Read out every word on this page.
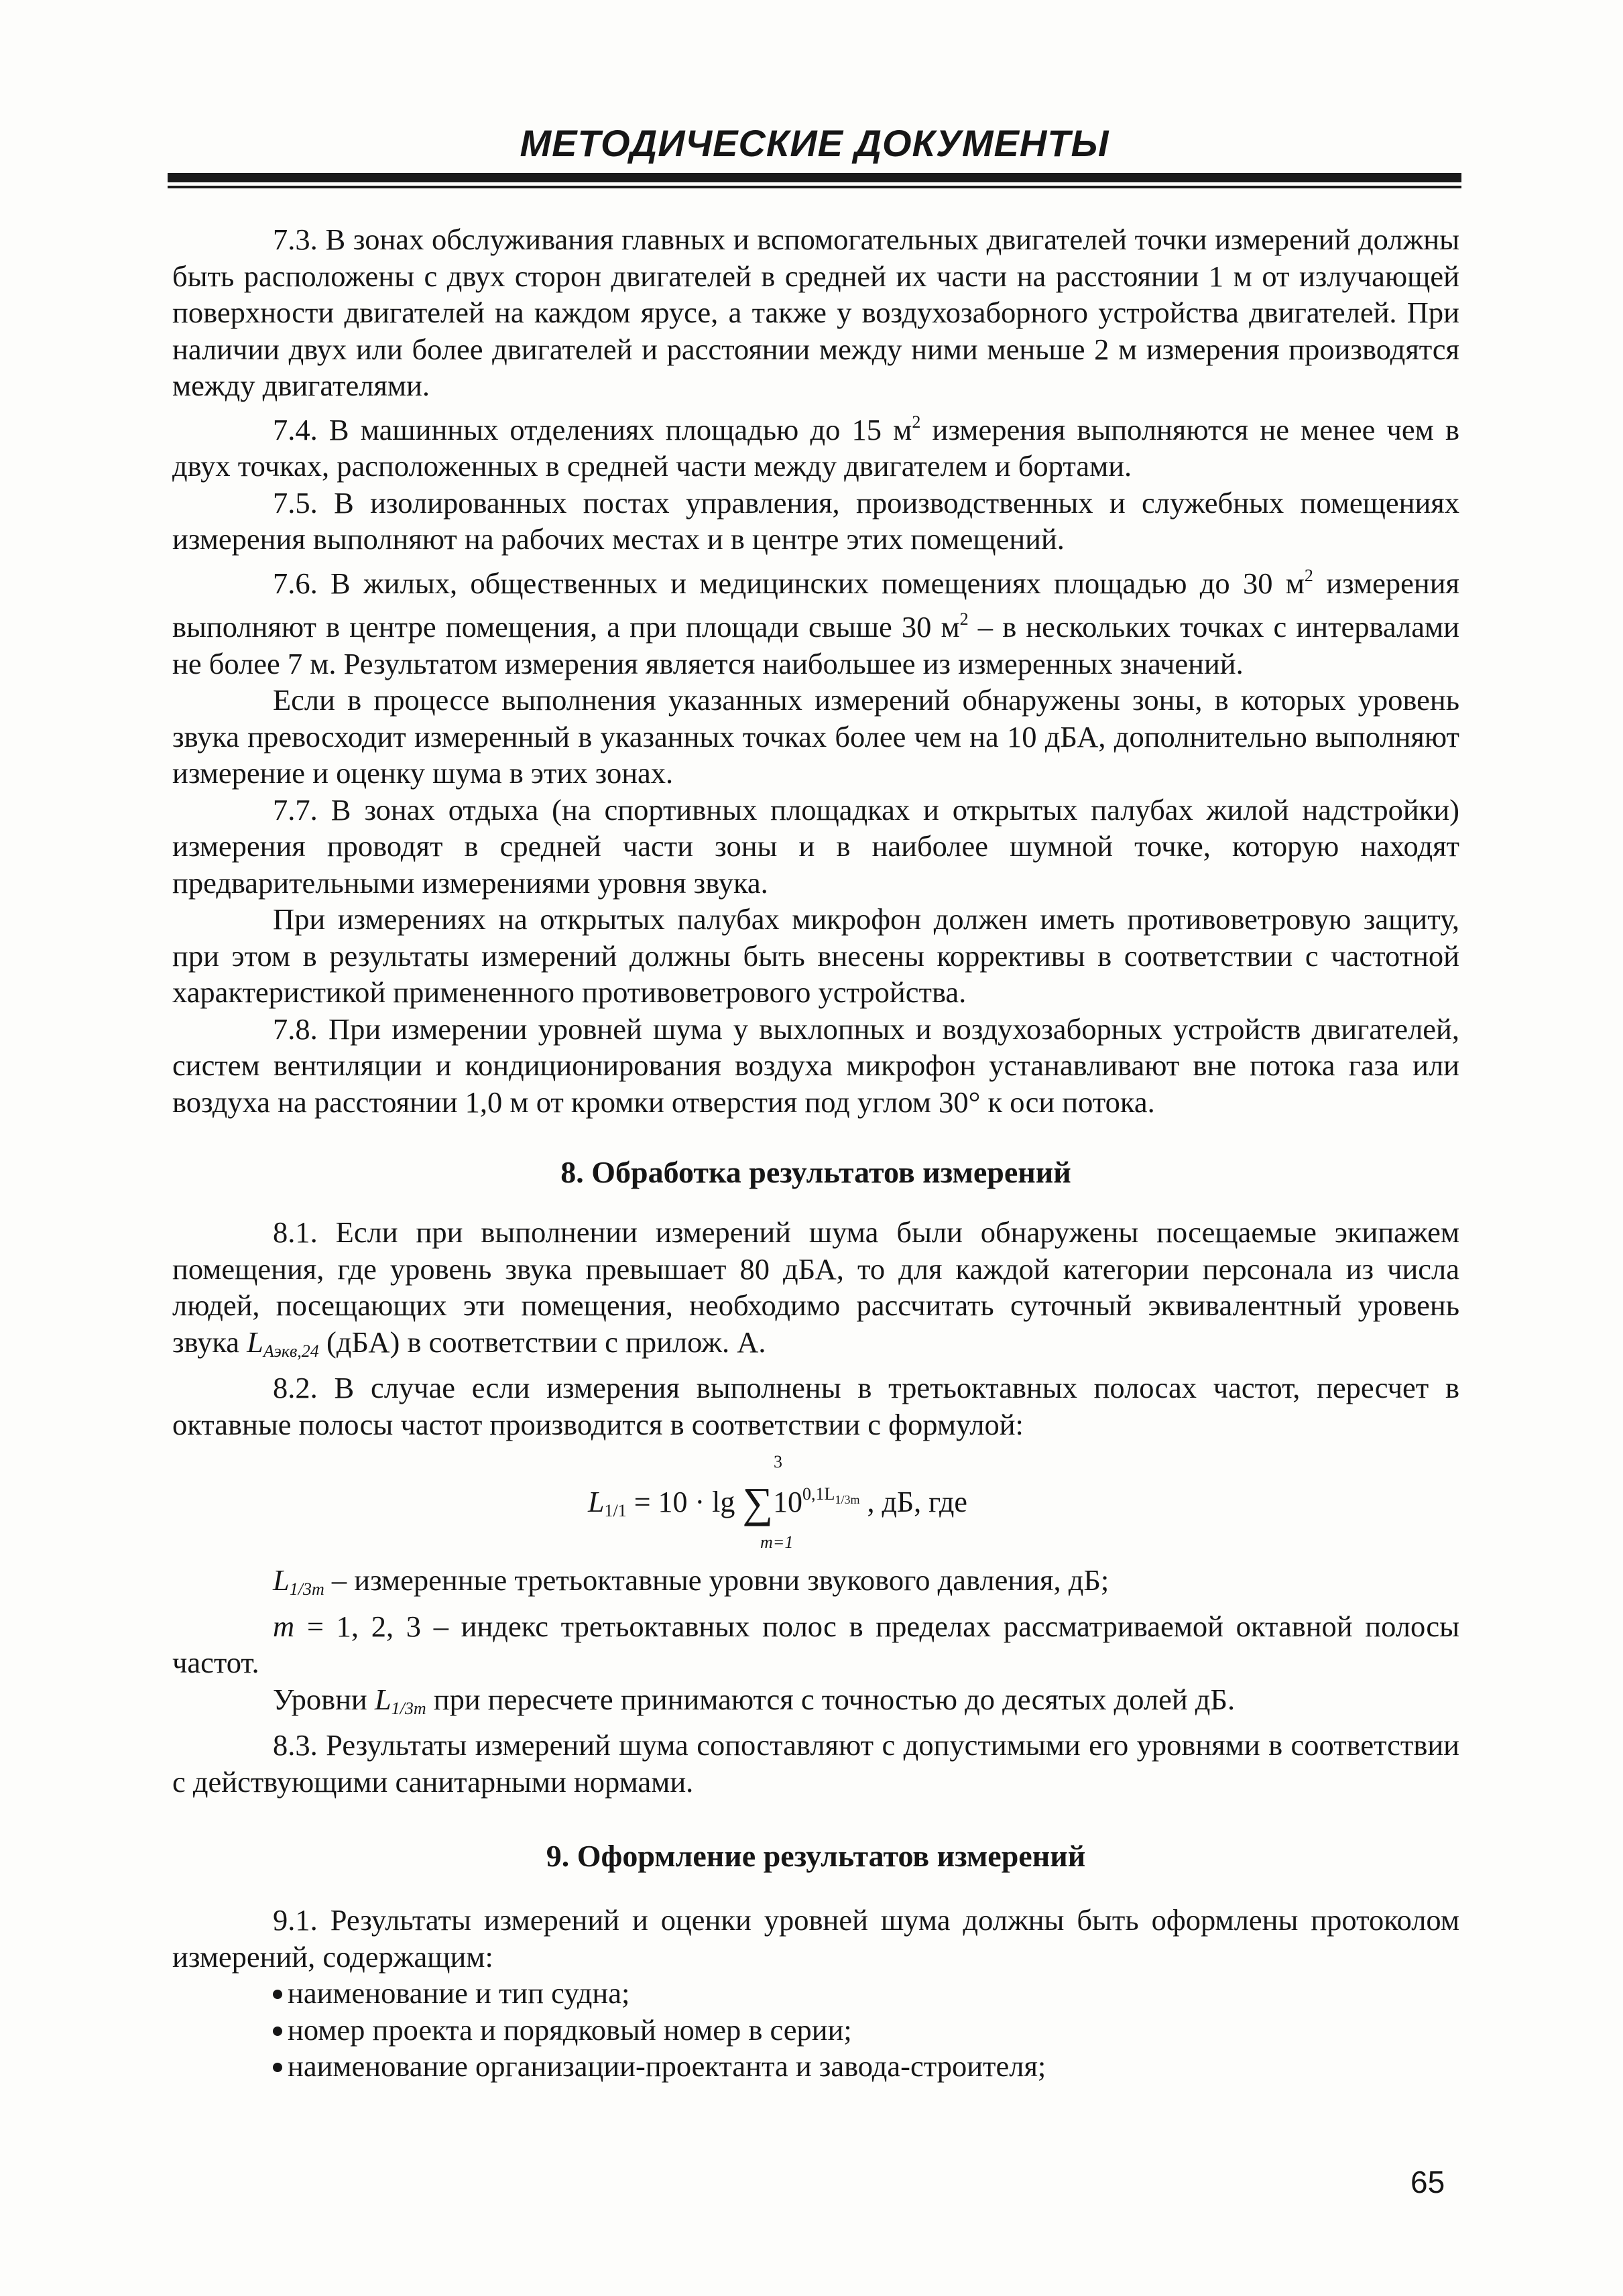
МЕТОДИЧЕСКИЕ ДОКУМЕНТЫ

7.3. В зонах обслуживания главных и вспомогательных двигателей точки измерений должны быть расположены с двух сторон двигателей в средней их части на расстоянии 1 м от излучающей поверхности двигателей на каждом ярусе, а также у воздухозаборного устройства двигателей. При наличии двух или более двигателей и расстоянии между ними меньше 2 м измерения производятся между двигателями.

7.4. В машинных отделениях площадью до 15 $м^2$ измерения выполняются не менее чем в двух точках, расположенных в средней части между двигателем и бортами.

7.5. В изолированных постах управления, производственных и служебных помещениях измерения выполняют на рабочих местах и в центре этих помещений.

7.6. В жилых, общественных и медицинских помещениях площадью до 30 $м^2$ измерения выполняют в центре помещения, а при площади свыше 30 $м^2$ – в нескольких точках с интервалами не более 7 м. Результатом измерения является наибольшее из измеренных значений.

Если в процессе выполнения указанных измерений обнаружены зоны, в которых уровень звука превосходит измеренный в указанных точках более чем на 10 дБА, дополнительно выполняют измерение и оценку шума в этих зонах.

7.7. В зонах отдыха (на спортивных площадках и открытых палубах жилой надстройки) измерения проводят в средней части зоны и в наиболее шумной точке, которую находят предварительными измерениями уровня звука.

При измерениях на открытых палубах микрофон должен иметь противоветровую защиту, при этом в результаты измерений должны быть внесены коррективы в соответствии с частотной характеристикой примененного противоветрового устройства.

7.8. При измерении уровней шума у выхлопных и воздухозаборных устройств двигателей, систем вентиляции и кондиционирования воздуха микрофон устанавливают вне потока газа или воздуха на расстоянии 1,0 м от кромки отверстия под углом 30° к оси потока.

8. Обработка результатов измерений

8.1. Если при выполнении измерений шума были обнаружены посещаемые экипажем помещения, где уровень звука превышает 80 дБА, то для каждой категории персонала из числа людей, посещающих эти помещения, необходимо рассчитать суточный эквивалентный уровень звука $L_{Аэкв,24}$ (дБА) в соответствии с прилож. А.

8.2. В случае если измерения выполнены в третьоктавных полосах частот, пересчет в октавные полосы частот производится в соответствии с формулой:

3
$L_{1/1} = 10 \cdot \lg \sum 10^{0,1L_{1/3m}}$ , дБ, где
m=1

$L_{1/3m}$ – измеренные третьоктавные уровни звукового давления, дБ;

m = 1, 2, 3 – индекс третьоктавных полос в пределах рассматриваемой октавной полосы частот.

Уровни $L_{1/3m}$ при пересчете принимаются с точностью до десятых долей дБ.

8.3. Результаты измерений шума сопоставляют с допустимыми его уровнями в соответствии с действующими санитарными нормами.

9. Оформление результатов измерений

9.1. Результаты измерений и оценки уровней шума должны быть оформлены протоколом измерений, содержащим:

наименование и тип судна;

номер проекта и порядковый номер в серии;

наименование организации-проектанта и завода-строителя;

65
